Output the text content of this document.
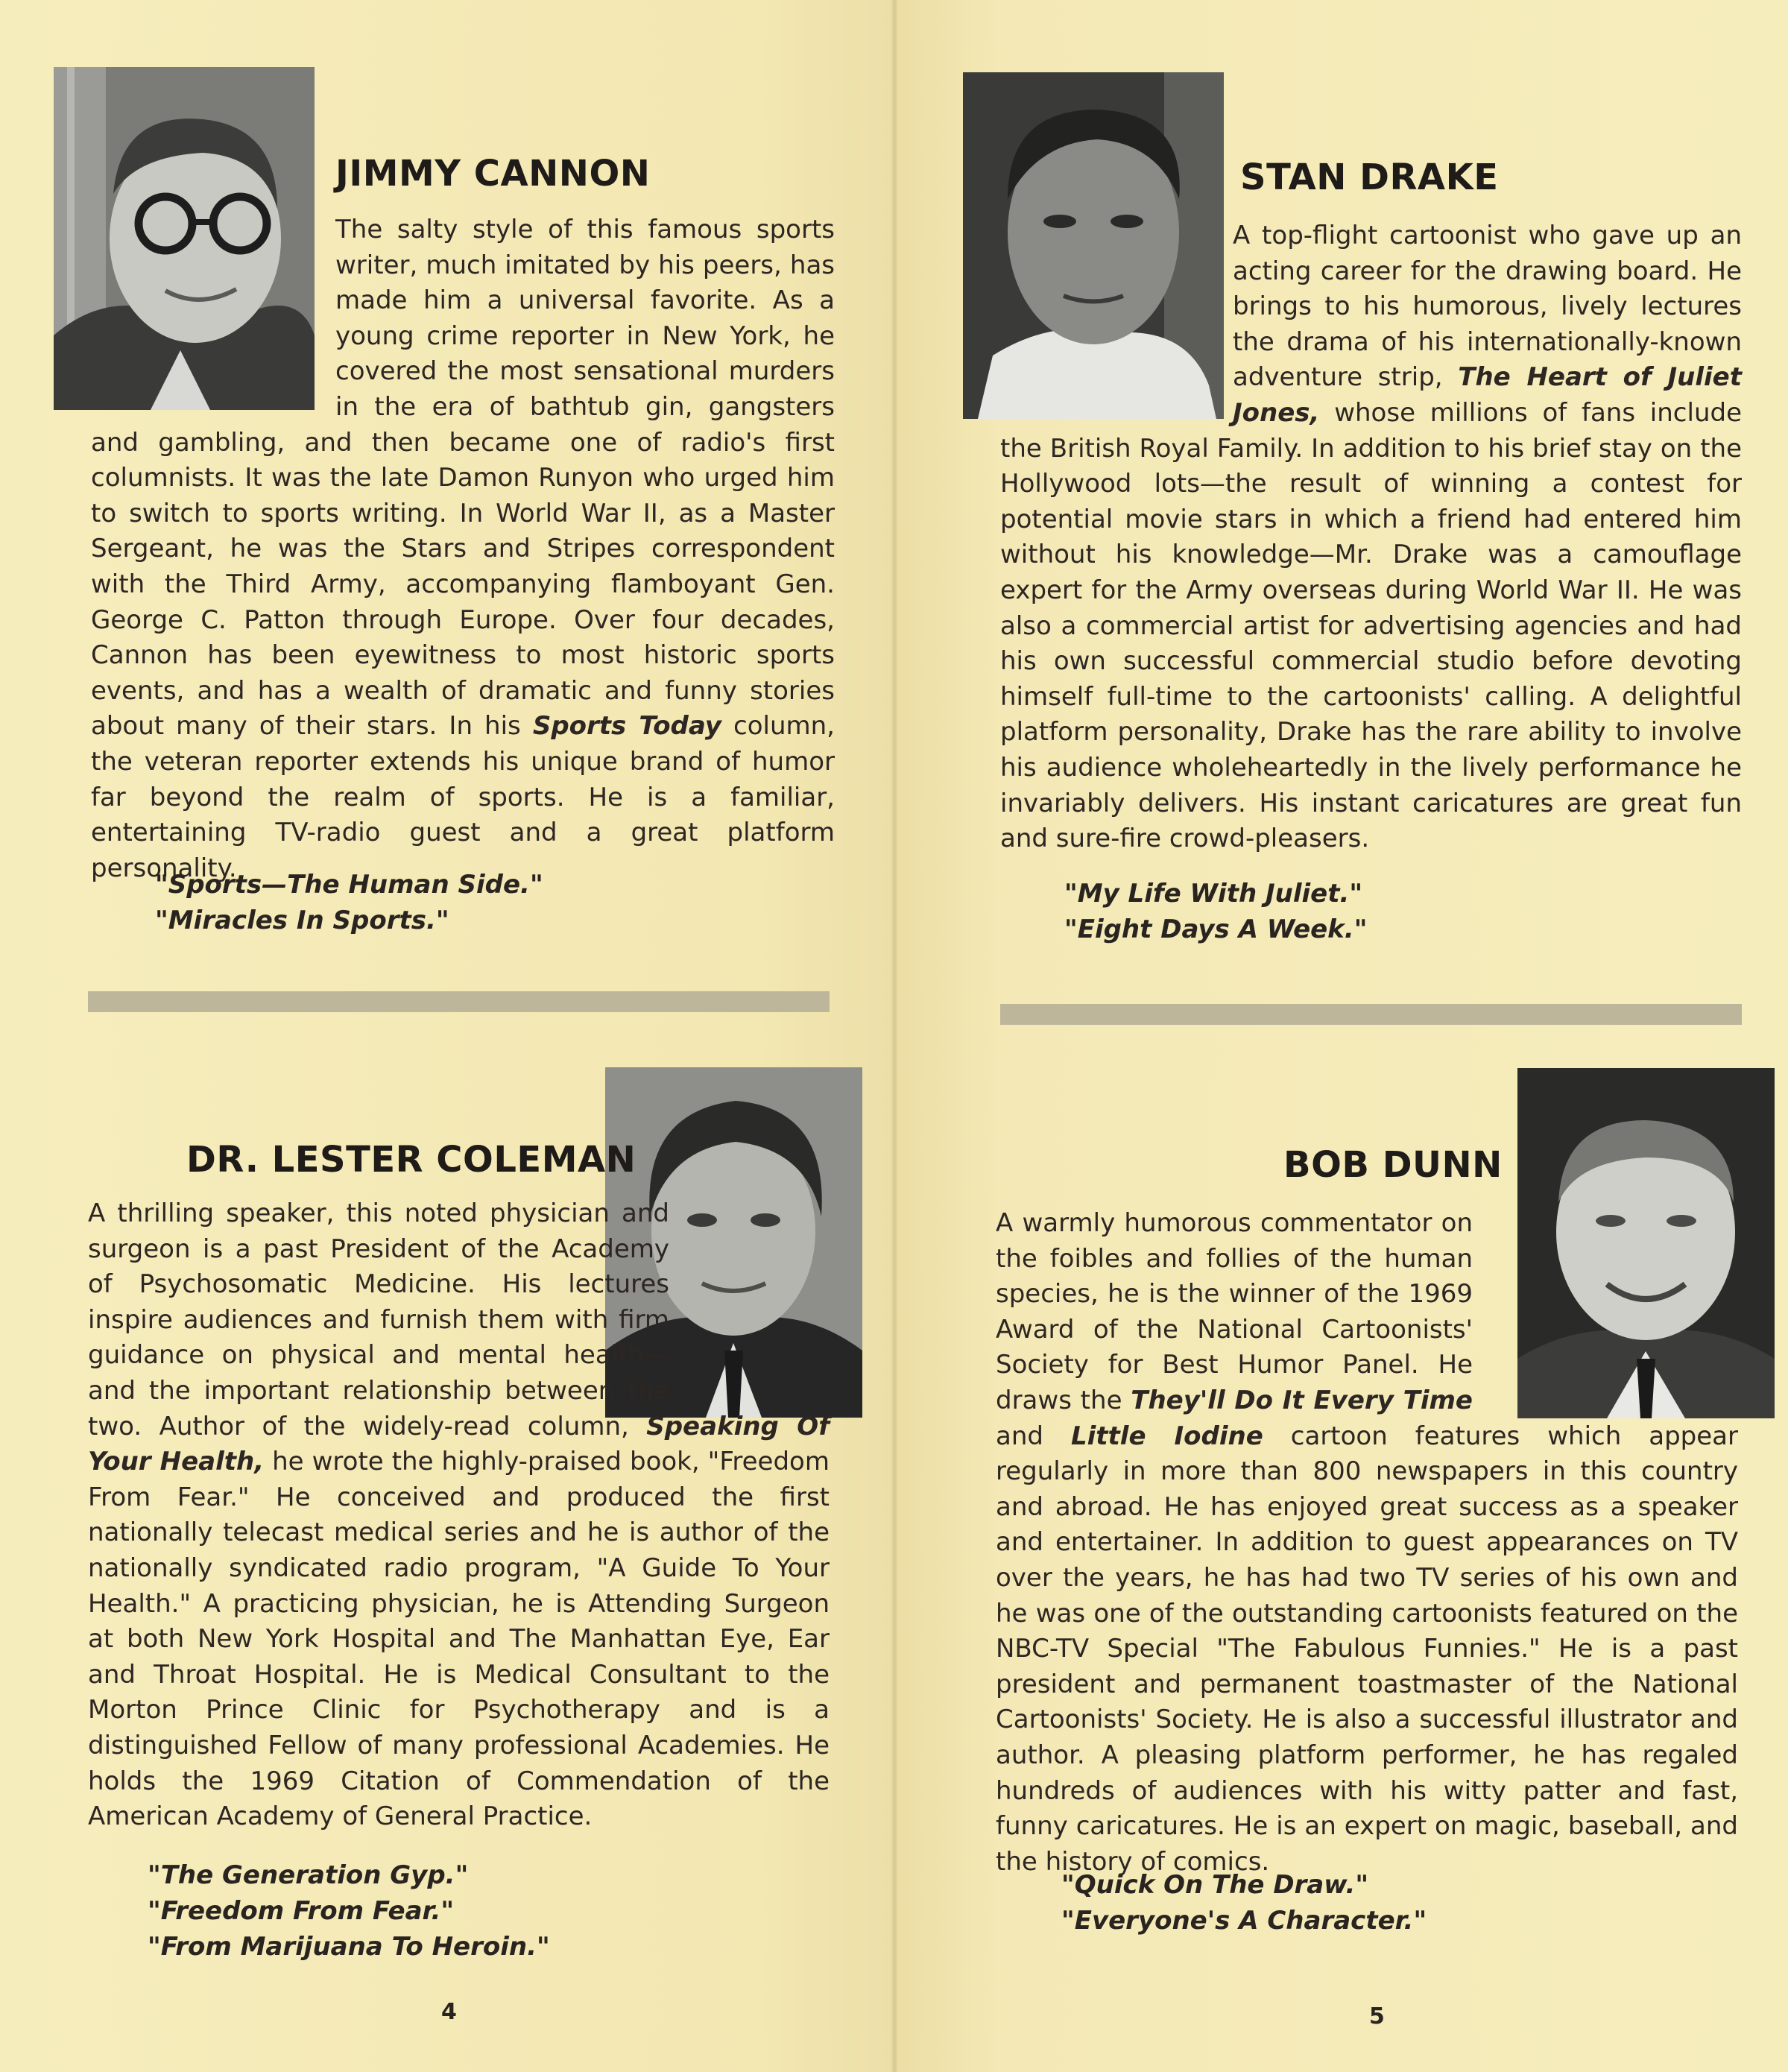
JIMMY CANNON

The salty style of this famous sports writer, much imitated by his peers, has made him a universal favorite. As a young crime reporter in New York, he covered the most sensational murders in the era of bathtub gin, gangsters and gambling, and then became one of radio's first columnists. It was the late Damon Runyon who urged him to switch to sports writing. In World War II, as a Master Sergeant, he was the Stars and Stripes correspondent with the Third Army, accompanying flamboyant Gen. George C. Patton through Europe. Over four decades, Cannon has been eyewitness to most historic sports events, and has a wealth of dramatic and funny stories about many of their stars. In his Sports Today column, the veteran reporter extends his unique brand of humor far beyond the realm of sports. He is a familiar, entertaining TV-radio guest and a great platform personality.

"Sports—The Human Side."
"Miracles In Sports."
DR. LESTER COLEMAN

A thrilling speaker, this noted physician and surgeon is a past President of the Academy of Psychosomatic Medicine. His lectures inspire audiences and furnish them with firm guidance on physical and mental health—and the important relationship between the two. Author of the widely-read column, Speaking Of Your Health, he wrote the highly-praised book, "Freedom From Fear." He conceived and produced the first nationally telecast medical series and he is author of the nationally syndicated radio program, "A Guide To Your Health." A practicing physician, he is Attending Surgeon at both New York Hospital and The Manhattan Eye, Ear and Throat Hospital. He is Medical Consultant to the Morton Prince Clinic for Psychotherapy and is a distinguished Fellow of many professional Academies. He holds the 1969 Citation of Commendation of the American Academy of General Practice.

"The Generation Gyp."
"Freedom From Fear."
"From Marijuana To Heroin."
4
STAN DRAKE

A top-flight cartoonist who gave up an acting career for the drawing board. He brings to his humorous, lively lectures the drama of his internationally-known adventure strip, The Heart of Juliet Jones, whose millions of fans include the British Royal Family. In addition to his brief stay on the Hollywood lots—the result of winning a contest for potential movie stars in which a friend had entered him without his knowledge—Mr. Drake was a camouflage expert for the Army overseas during World War II. He was also a commercial artist for advertising agencies and had his own successful commercial studio before devoting himself full-time to the cartoonists' calling. A delightful platform personality, Drake has the rare ability to involve his audience wholeheartedly in the lively performance he invariably delivers. His instant caricatures are great fun and sure-fire crowd-pleasers.

"My Life With Juliet."
"Eight Days A Week."
BOB DUNN

A warmly humorous commentator on the foibles and follies of the human species, he is the winner of the 1969 Award of the National Cartoonists' Society for Best Humor Panel. He draws the They'll Do It Every Time and Little Iodine cartoon features which appear regularly in more than 800 newspapers in this country and abroad. He has enjoyed great success as a speaker and entertainer. In addition to guest appearances on TV over the years, he has had two TV series of his own and he was one of the outstanding cartoonists featured on the NBC-TV Special "The Fabulous Funnies." He is a past president and permanent toastmaster of the National Cartoonists' Society. He is also a successful illustrator and author. A pleasing platform performer, he has regaled hundreds of audiences with his witty patter and fast, funny caricatures. He is an expert on magic, baseball, and the history of comics.

"Quick On The Draw."
"Everyone's A Character."
5
